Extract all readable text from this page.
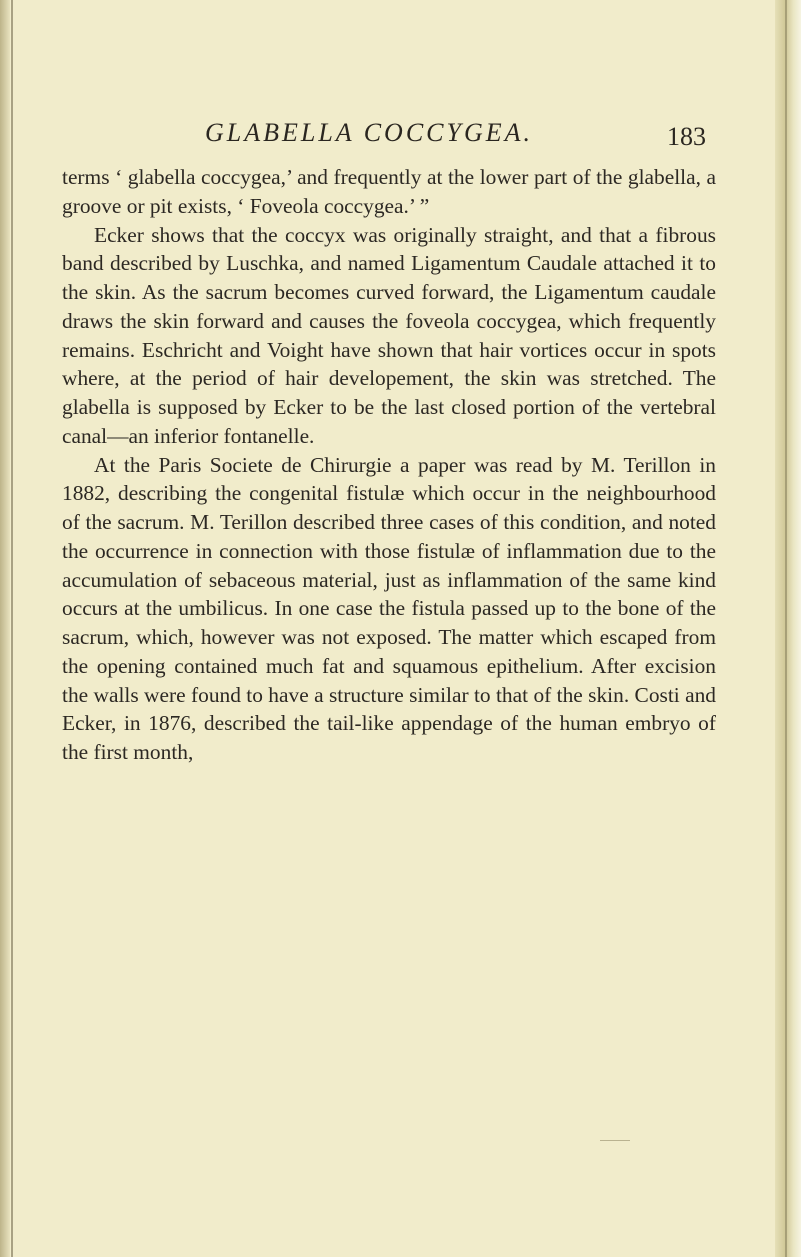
GLABELLA COCCYGEA.	183

terms ‘ glabella coccygea,’ and frequently at the lower part of the glabella, a groove or pit exists, ‘ Foveola coccygea.’ ”

Ecker shows that the coccyx was originally straight, and that a fibrous band described by Luschka, and named Ligamentum Caudale attached it to the skin. As the sacrum becomes curved forward, the Ligamentum caudale draws the skin forward and causes the foveola coccygea, which frequently remains. Eschricht and Voight have shown that hair vortices occur in spots where, at the period of hair developement, the skin was stretched. The glabella is supposed by Ecker to be the last closed portion of the vertebral canal—an inferior fontanelle.

At the Paris Societe de Chirurgie a paper was read by M. Terillon in 1882, describing the congenital fistulæ which occur in the neighbourhood of the sacrum. M. Terillon described three cases of this condition, and noted the occurrence in connection with those fistulæ of inflammation due to the accumulation of sebaceous material, just as inflammation of the same kind occurs at the umbilicus. In one case the fistula passed up to the bone of the sacrum, which, however was not exposed. The matter which escaped from the opening contained much fat and squamous epithelium. After excision the walls were found to have a structure similar to that of the skin. Costi and Ecker, in 1876, described the tail-like appendage of the human embryo of the first month,
